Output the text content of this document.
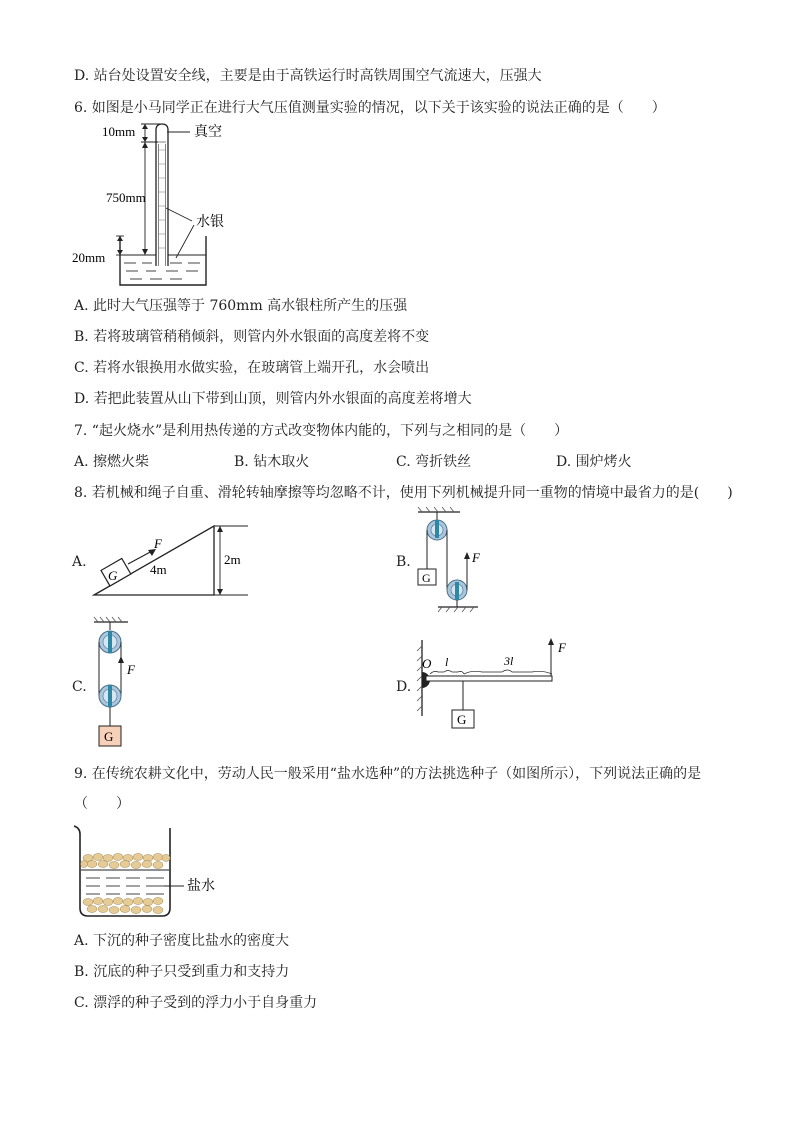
D. 站台处设置安全线，主要是由于高铁运行时高铁周围空气流速大，压强大
6. 如图是小马同学正在进行大气压值测量实验的情况，以下关于该实验的说法正确的是（　　）
10mm	真空
750mm
水银
20mm
A. 此时大气压强等于 760mm 高水银柱所产生的压强
B. 若将玻璃管稍稍倾斜，则管内外水银面的高度差将不变
C. 若将水银换用水做实验，在玻璃管上端开孔，水会喷出
D. 若把此装置从山下带到山顶，则管内外水银面的高度差将增大
7. “起火烧水”是利用热传递的方式改变物体内能的，下列与之相同的是（　　）
A. 擦燃火柴	B. 钻木取火	C. 弯折铁丝	D. 围炉烤火
8. 若机械和绳子自重、滑轮转轴摩擦等均忽略不计，使用下列机械提升同一重物的情境中最省力的是(　　)
A.
G
F
4m
2m	B.
G
F
C.
G
F
D.
O l	3l
G
F
9. 在传统农耕文化中，劳动人民一般采用“盐水选种”的方法挑选种子（如图所示），下列说法正确的是
（　　）
盐水
A. 下沉的种子密度比盐水的密度大
B. 沉底的种子只受到重力和支持力
C. 漂浮的种子受到的浮力小于自身重力
